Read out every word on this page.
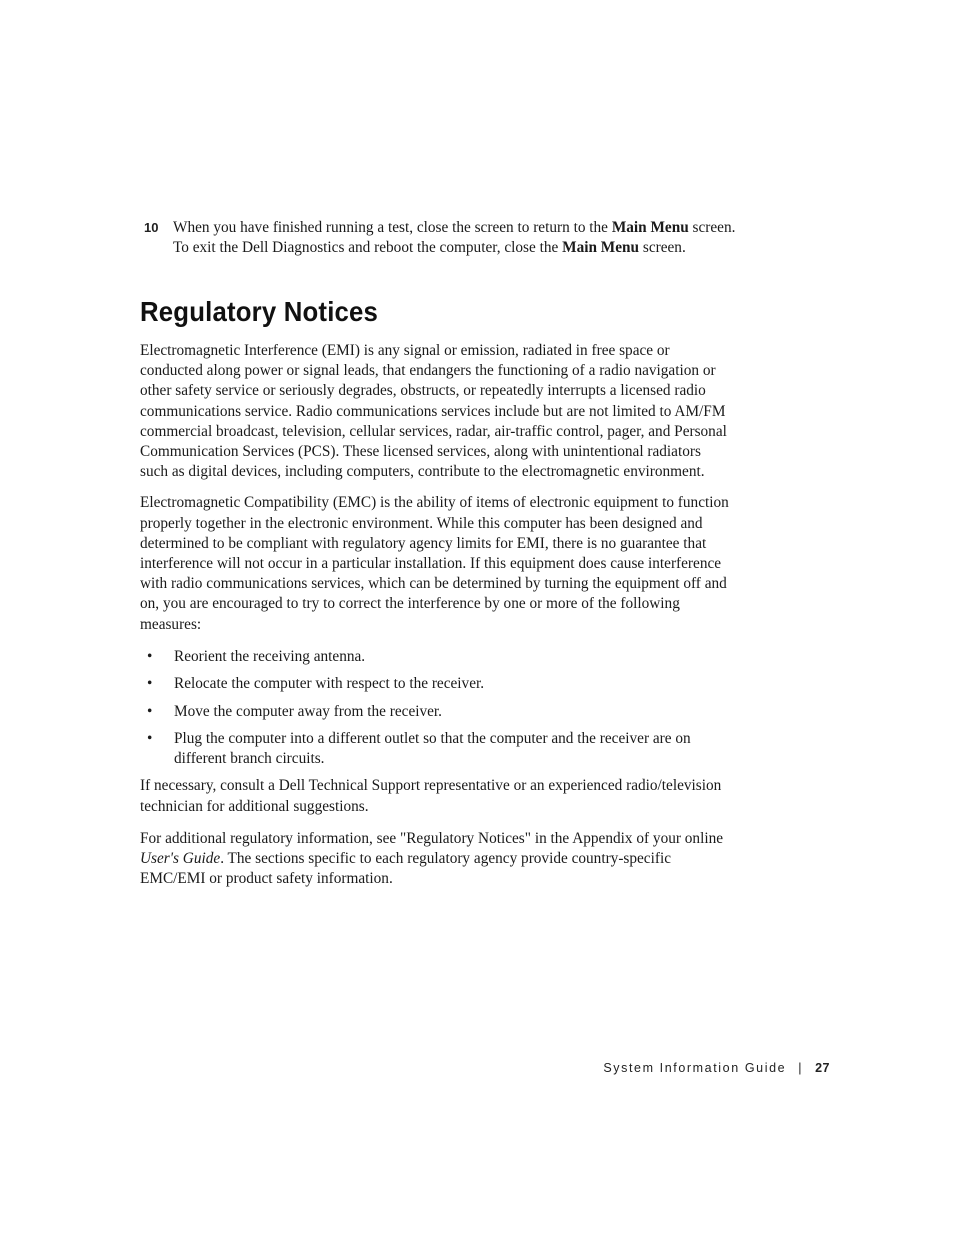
10 When you have finished running a test, close the screen to return to the Main Menu screen. To exit the Dell Diagnostics and reboot the computer, close the Main Menu screen.
Regulatory Notices

Electromagnetic Interference (EMI) is any signal or emission, radiated in free space or conducted along power or signal leads, that endangers the functioning of a radio navigation or other safety service or seriously degrades, obstructs, or repeatedly interrupts a licensed radio communications service. Radio communications services include but are not limited to AM/FM commercial broadcast, television, cellular services, radar, air-traffic control, pager, and Personal Communication Services (PCS). These licensed services, along with unintentional radiators such as digital devices, including computers, contribute to the electromagnetic environment.

Electromagnetic Compatibility (EMC) is the ability of items of electronic equipment to function properly together in the electronic environment. While this computer has been designed and determined to be compliant with regulatory agency limits for EMI, there is no guarantee that interference will not occur in a particular installation. If this equipment does cause interference with radio communications services, which can be determined by turning the equipment off and on, you are encouraged to try to correct the interference by one or more of the following measures:

• Reorient the receiving antenna.
• Relocate the computer with respect to the receiver.
• Move the computer away from the receiver.
• Plug the computer into a different outlet so that the computer and the receiver are on different branch circuits.

If necessary, consult a Dell Technical Support representative or an experienced radio/television technician for additional suggestions.

For additional regulatory information, see "Regulatory Notices" in the Appendix of your online User's Guide. The sections specific to each regulatory agency provide country-specific EMC/EMI or product safety information.

System Information Guide | 27
